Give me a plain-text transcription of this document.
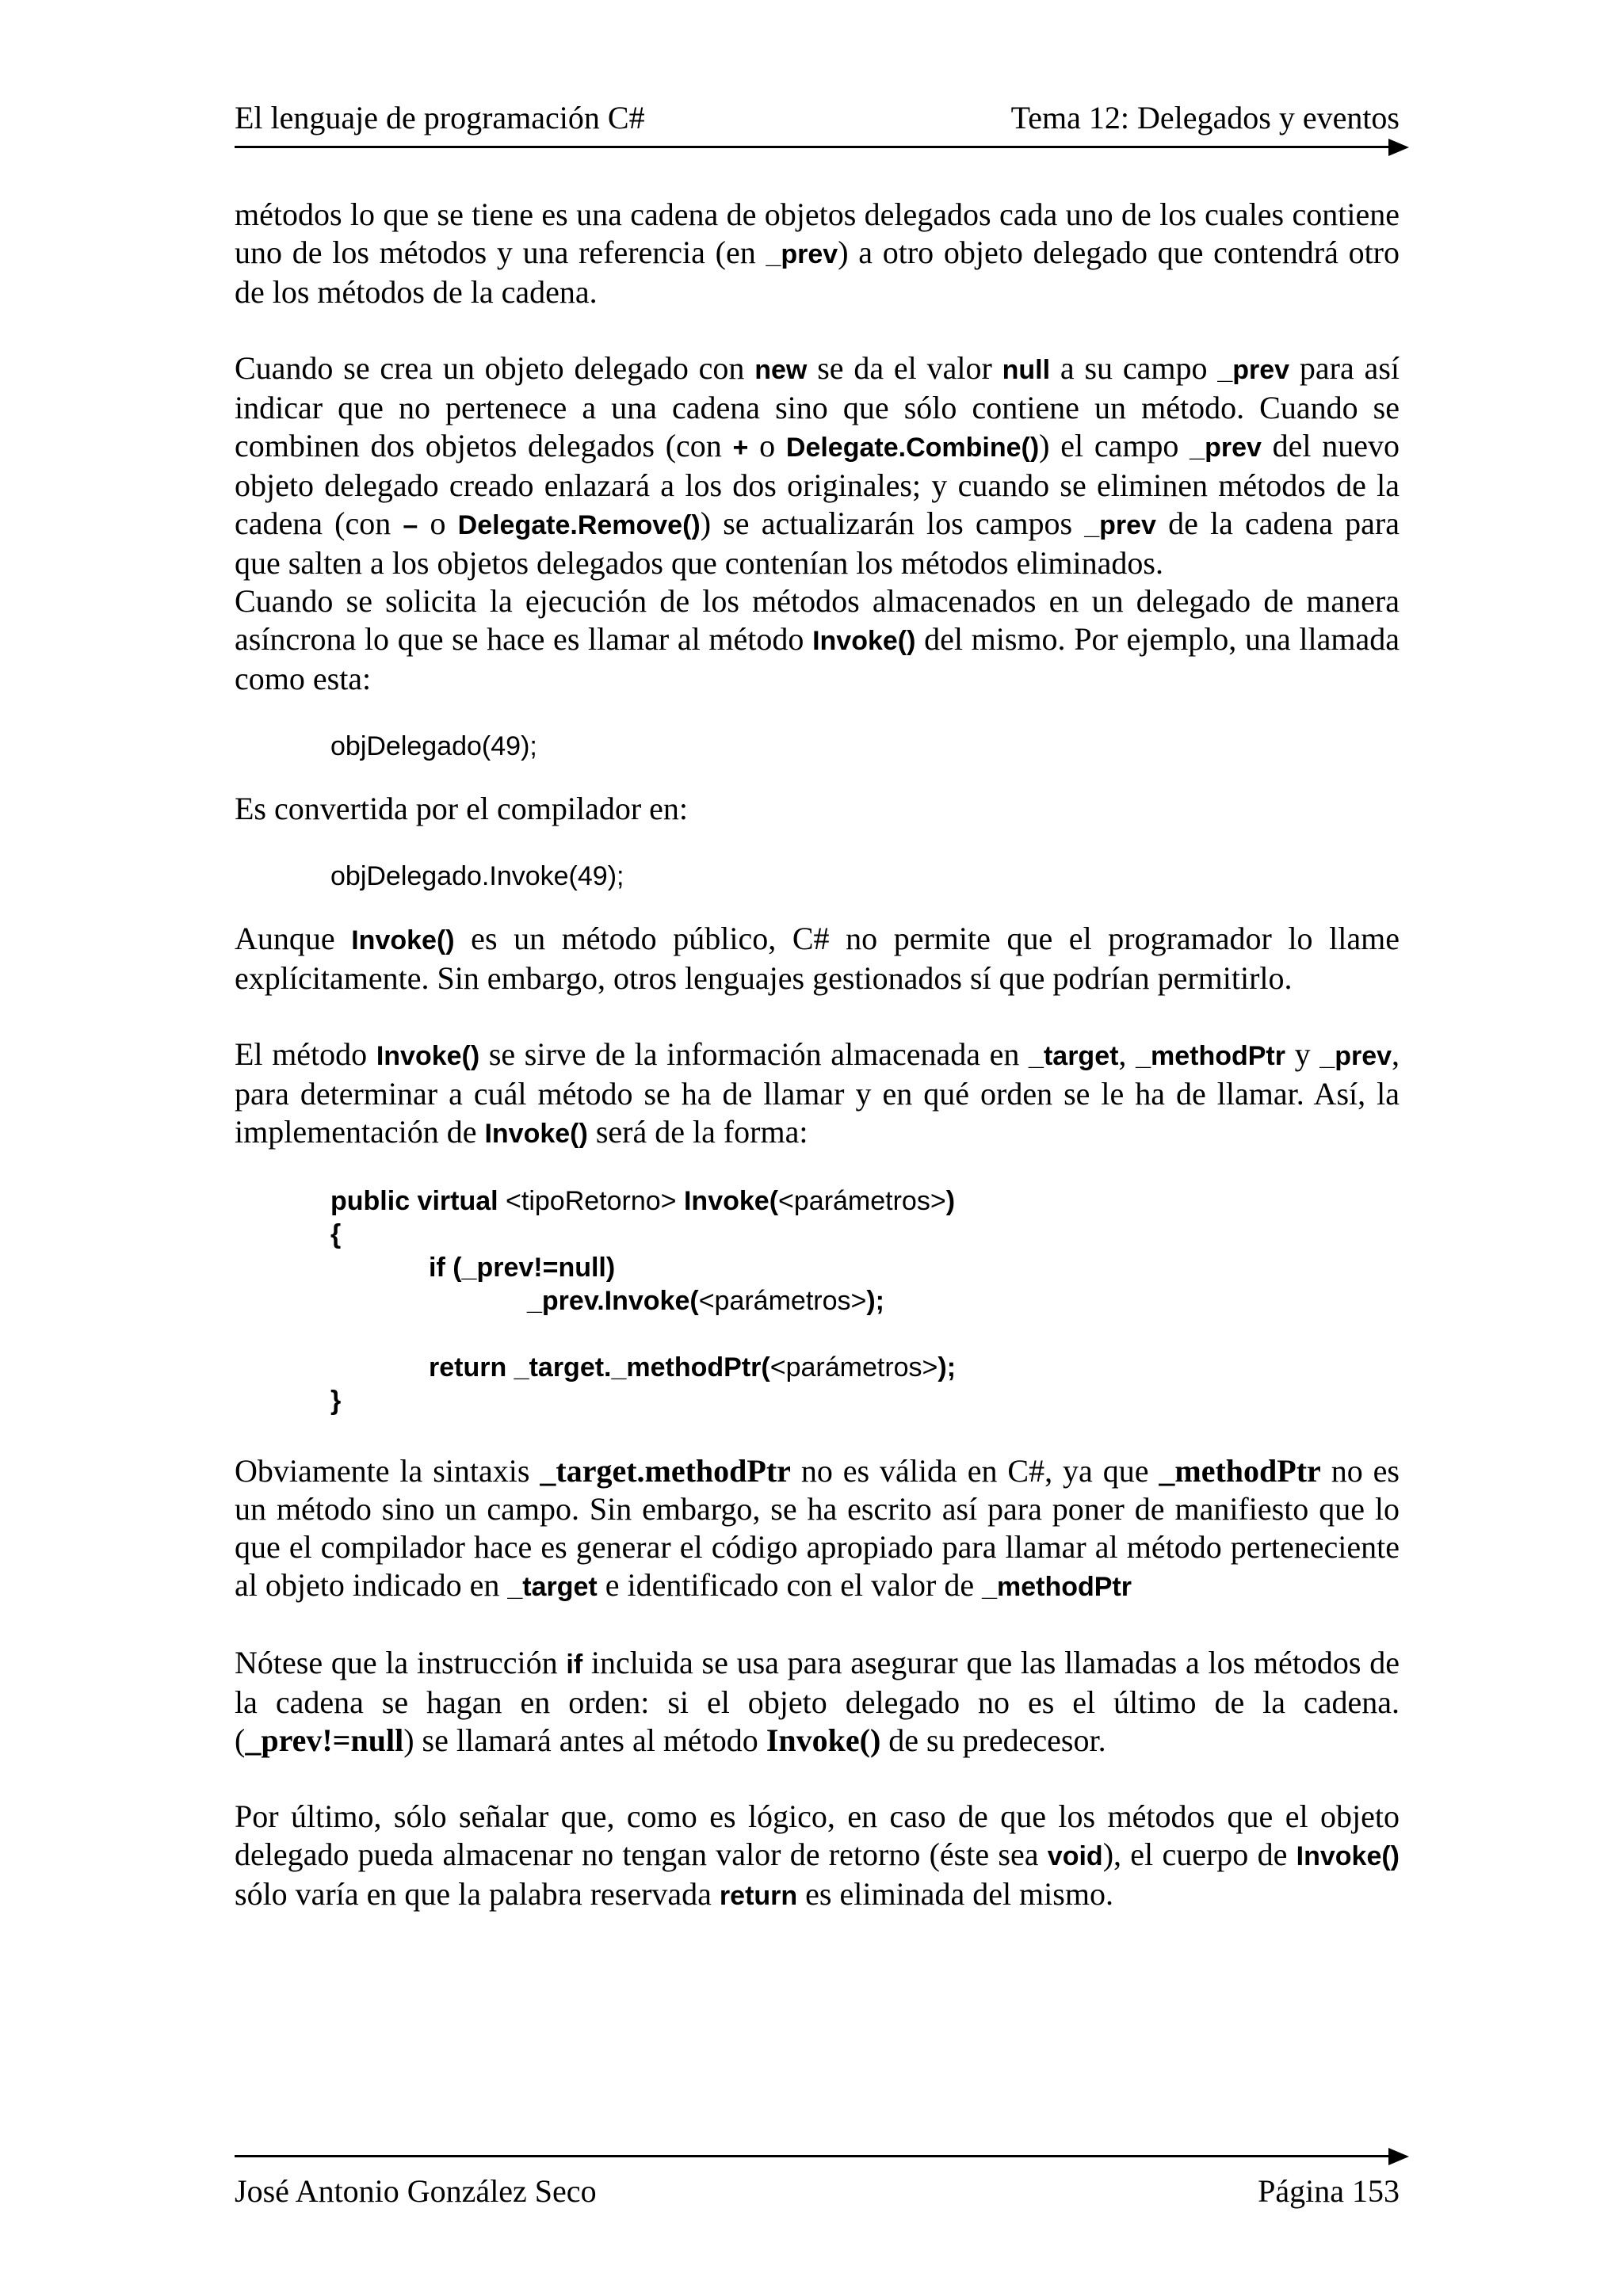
El lenguaje de programación C#	Tema 12: Delegados y eventos

métodos lo que se tiene es una cadena de objetos delegados cada uno de los cuales contiene uno de los métodos y una referencia (en _prev) a otro objeto delegado que contendrá otro de los métodos de la cadena.

Cuando se crea un objeto delegado con new se da el valor null a su campo _prev para así indicar que no pertenece a una cadena sino que sólo contiene un método. Cuando se combinen dos objetos delegados (con + o Delegate.Combine()) el campo _prev del nuevo objeto delegado creado enlazará a los dos originales; y cuando se eliminen métodos de la cadena (con – o Delegate.Remove()) se actualizarán los campos _prev de la cadena para que salten a los objetos delegados que contenían los métodos eliminados.

Cuando se solicita la ejecución de los métodos almacenados en un delegado de manera asíncrona lo que se hace es llamar al método Invoke() del mismo. Por ejemplo, una llamada como esta:

objDelegado(49);

Es convertida por el compilador en:

objDelegado.Invoke(49);

Aunque Invoke() es un método público, C# no permite que el programador lo llame explícitamente. Sin embargo, otros lenguajes gestionados sí que podrían permitirlo.

El método Invoke() se sirve de la información almacenada en _target, _methodPtr y _prev, para determinar a cuál método se ha de llamar y en qué orden se le ha de llamar. Así, la implementación de Invoke() será de la forma:

public virtual <tipoRetorno> Invoke(<parámetros>)
{
if (_prev!=null)
_prev.Invoke(<parámetros>);
return _target._methodPtr(<parámetros>);
}

Obviamente la sintaxis _target.methodPtr no es válida en C#, ya que _methodPtr no es un método sino un campo. Sin embargo, se ha escrito así para poner de manifiesto que lo que el compilador hace es generar el código apropiado para llamar al método perteneciente al objeto indicado en _target e identificado con el valor de _methodPtr

Nótese que la instrucción if incluida se usa para asegurar que las llamadas a los métodos de la cadena se hagan en orden: si el objeto delegado no es el último de la cadena. (_prev!=null) se llamará antes al método Invoke() de su predecesor.

Por último, sólo señalar que, como es lógico, en caso de que los métodos que el objeto delegado pueda almacenar no tengan valor de retorno (éste sea void), el cuerpo de Invoke() sólo varía en que la palabra reservada return es eliminada del mismo.

José Antonio González Seco	Página 153
